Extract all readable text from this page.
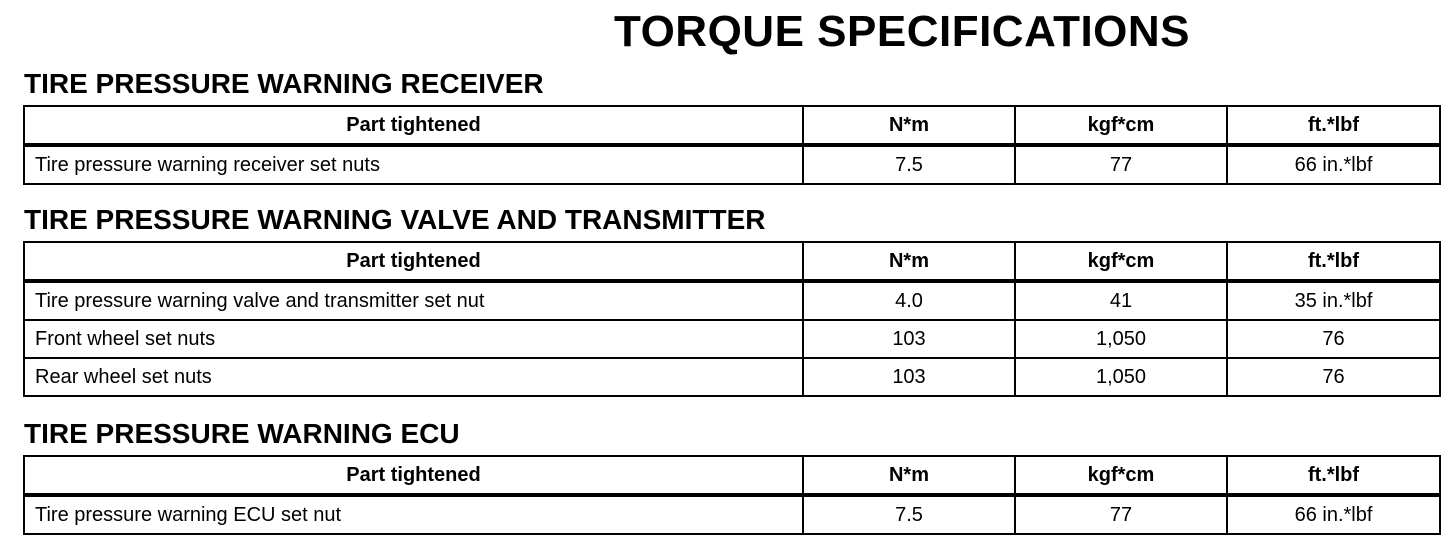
TORQUE SPECIFICATIONS
TIRE PRESSURE WARNING RECEIVER
Part tightened	N*m	kgf*cm	ft.*lbf
Tire pressure warning receiver set nuts	7.5	77	66 in.*lbf
TIRE PRESSURE WARNING VALVE AND TRANSMITTER
Part tightened	N*m	kgf*cm	ft.*lbf
Tire pressure warning valve and transmitter set nut	4.0	41	35 in.*lbf
Front wheel set nuts	103	1,050	76
Rear wheel set nuts	103	1,050	76
TIRE PRESSURE WARNING ECU
Part tightened	N*m	kgf*cm	ft.*lbf
Tire pressure warning ECU set nut	7.5	77	66 in.*lbf
